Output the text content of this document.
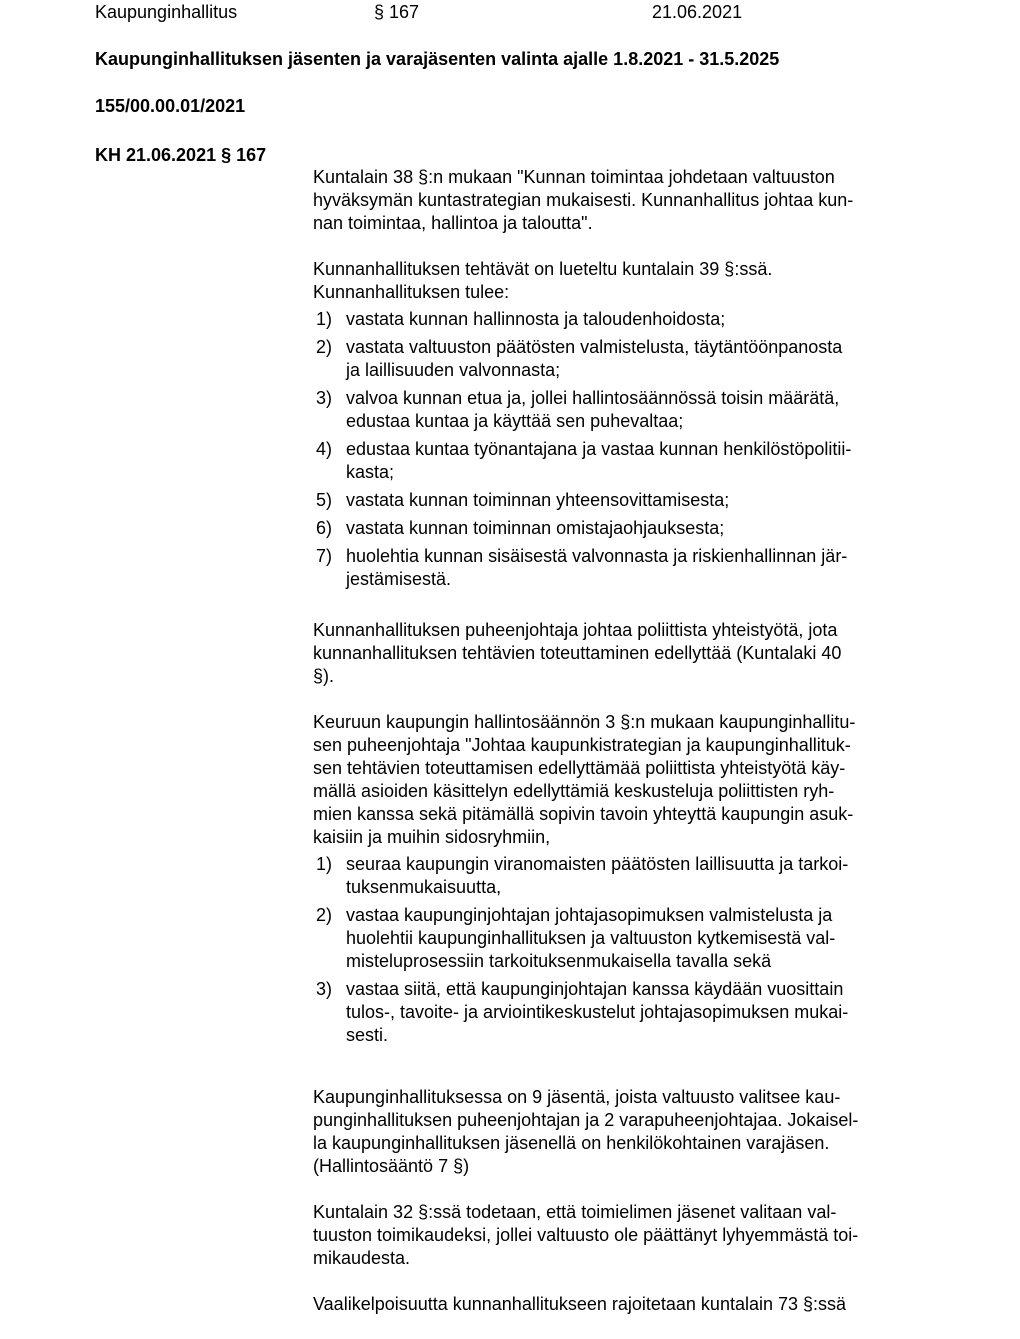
Kaupunginhallitus	§ 167	21.06.2021
Kaupunginhallituksen jäsenten ja varajäsenten valinta ajalle 1.8.2021 - 31.5.2025
155/00.00.01/2021
KH 21.06.2021 § 167
Kuntalain 38 §:n mukaan "Kunnan toimintaa johdetaan valtuuston
hyväksymän kuntastrategian mukaisesti. Kunnanhallitus johtaa kun-
nan toimintaa, hallintoa ja taloutta".
Kunnanhallituksen tehtävät on lueteltu kuntalain 39 §:ssä.
Kunnanhallituksen tulee:
1) vastata kunnan hallinnosta ja taloudenhoidosta;
2) vastata valtuuston päätösten valmistelusta, täytäntöönpanosta
ja laillisuuden valvonnasta;
3) valvoa kunnan etua ja, jollei hallintosäännössä toisin määrätä,
edustaa kuntaa ja käyttää sen puhevaltaa;
4) edustaa kuntaa työnantajana ja vastaa kunnan henkilöstöpolitii-
kasta;
5) vastata kunnan toiminnan yhteensovittamisesta;
6) vastata kunnan toiminnan omistajaohjauksesta;
7) huolehtia kunnan sisäisestä valvonnasta ja riskienhallinnan jär-
jestämisestä.
Kunnanhallituksen puheenjohtaja johtaa poliittista yhteistyötä, jota
kunnanhallituksen tehtävien toteuttaminen edellyttää (Kuntalaki 40
§).
Keuruun kaupungin hallintosäännön 3 §:n mukaan kaupunginhallitu-
sen puheenjohtaja "Johtaa kaupunkistrategian ja kaupunginhallituk-
sen tehtävien toteuttamisen edellyttämää poliittista yhteistyötä käy-
mällä asioiden käsittelyn edellyttämiä keskusteluja poliittisten ryh-
mien kanssa sekä pitämällä sopivin tavoin yhteyttä kaupungin asuk-
kaisiin ja muihin sidosryhmiin,
1) seuraa kaupungin viranomaisten päätösten laillisuutta ja tarkoi-
tuksenmukaisuutta,
2) vastaa kaupunginjohtajan johtajasopimuksen valmistelusta ja
huolehtii kaupunginhallituksen ja valtuuston kytkemisestä val-
misteluprosessiin tarkoituksenmukaisella tavalla sekä
3) vastaa siitä, että kaupunginjohtajan kanssa käydään vuosittain
tulos-, tavoite- ja arviointikeskustelut johtajasopimuksen mukai-
sesti.
Kaupunginhallituksessa on 9 jäsentä, joista valtuusto valitsee kau-
punginhallituksen puheenjohtajan ja 2 varapuheenjohtajaa. Jokaisel-
la kaupunginhallituksen jäsenellä on henkilökohtainen varajäsen.
(Hallintosääntö 7 §)
Kuntalain 32 §:ssä todetaan, että toimielimen jäsenet valitaan val-
tuuston toimikaudeksi, jollei valtuusto ole päättänyt lyhyemmästä toi-
mikaudesta.
Vaalikelpoisuutta kunnanhallitukseen rajoitetaan kuntalain 73 §:ssä
